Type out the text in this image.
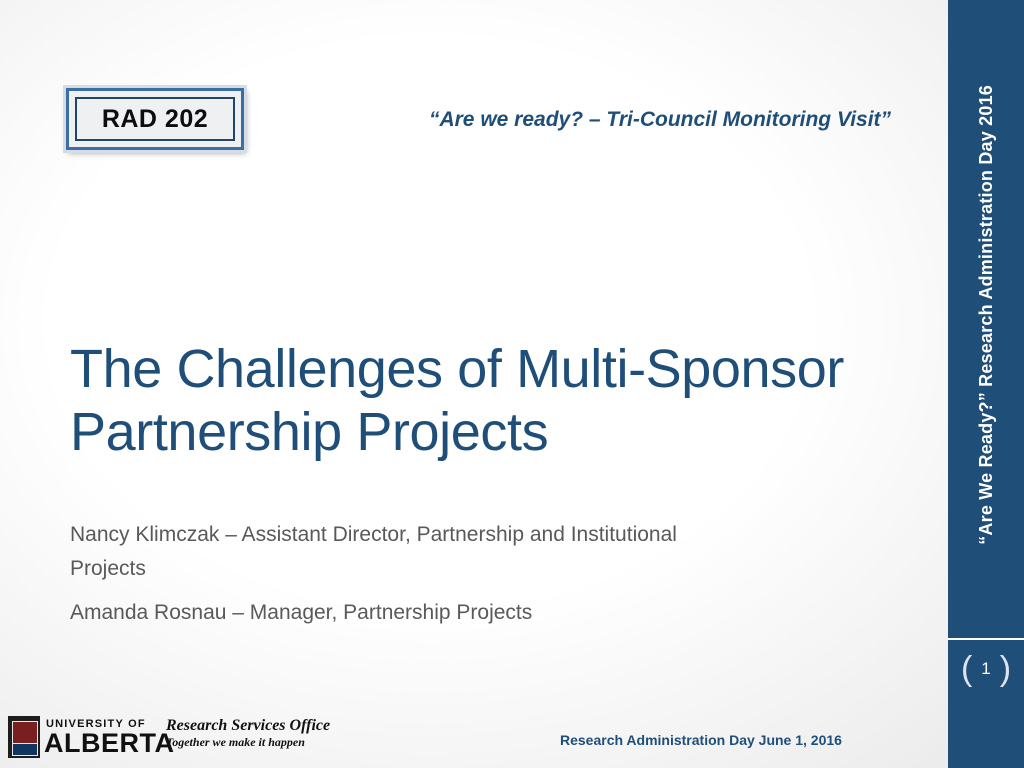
“Are We Ready?” Research Administration Day 2016
( 1 )
RAD 202	“Are we ready? – Tri-Council Monitoring Visit”
The Challenges of Multi-Sponsor Partnership Projects

Nancy Klimczak – Assistant Director, Partnership and Institutional Projects

Amanda Rosnau – Manager, Partnership Projects

Research Administration Day June 1, 2016
UNIVERSITY OF
ALBERTA
Research Services Office
Together we make it happen
